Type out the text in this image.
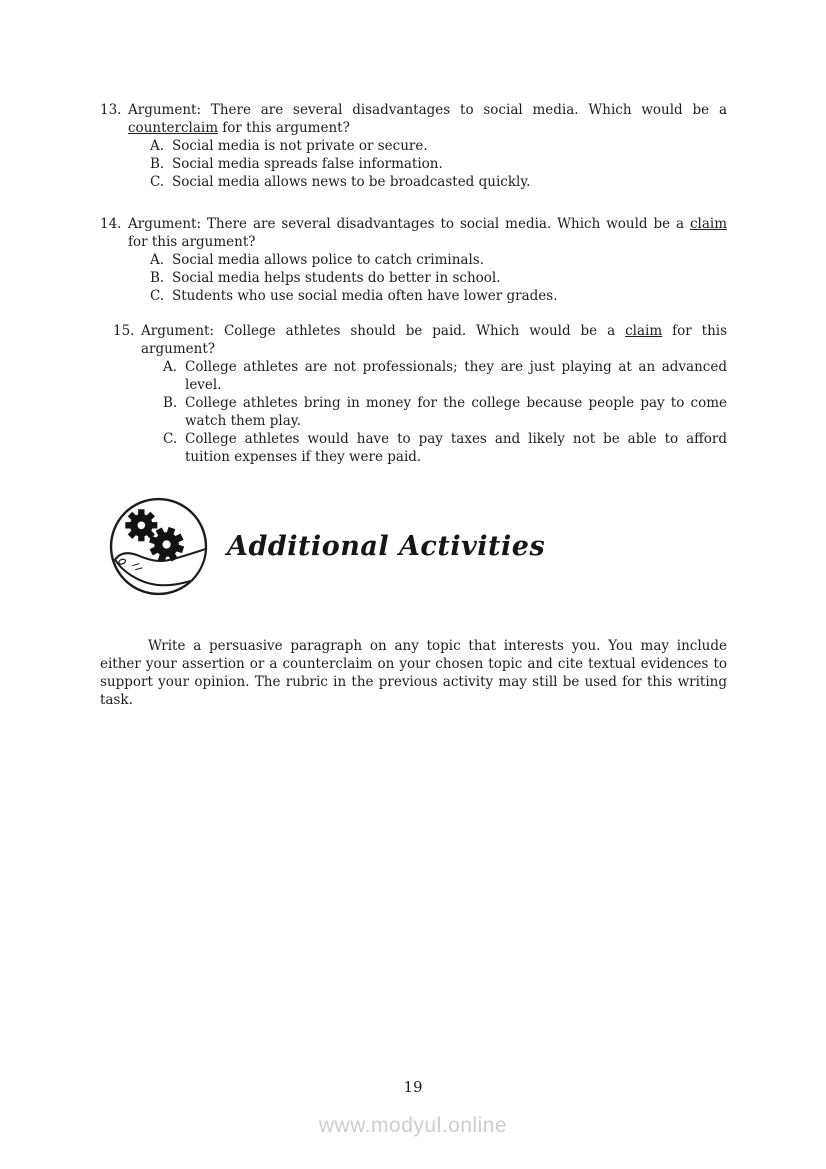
13. Argument: There are several disadvantages to social media. Which would be a counterclaim for this argument?
A. Social media is not private or secure.
B. Social media spreads false information.
C. Social media allows news to be broadcasted quickly.
14. Argument: There are several disadvantages to social media. Which would be a claim for this argument?
A. Social media allows police to catch criminals.
B. Social media helps students do better in school.
C. Students who use social media often have lower grades.
15. Argument: College athletes should be paid. Which would be a claim for this argument?
A. College athletes are not professionals; they are just playing at an advanced level.
B. College athletes bring in money for the college because people pay to come watch them play.
C. College athletes would have to pay taxes and likely not be able to afford tuition expenses if they were paid.
Additional Activities
Write a persuasive paragraph on any topic that interests you. You may include either your assertion or a counterclaim on your chosen topic and cite textual evidences to support your opinion. The rubric in the previous activity may still be used for this writing task.
19
www.modyul.online
